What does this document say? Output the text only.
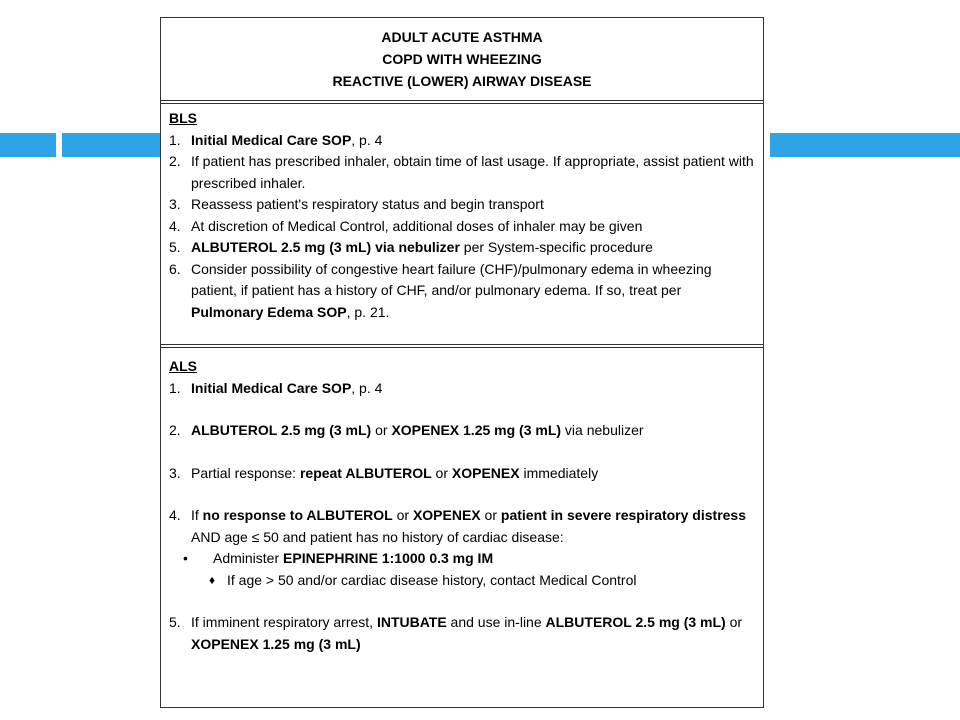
ADULT ACUTE ASTHMA
COPD WITH WHEEZING
REACTIVE (LOWER) AIRWAY DISEASE
BLS
1. Initial Medical Care SOP, p. 4
2. If patient has prescribed inhaler, obtain time of last usage. If appropriate, assist patient with prescribed inhaler.
3. Reassess patient's respiratory status and begin transport
4. At discretion of Medical Control, additional doses of inhaler may be given
5. ALBUTEROL 2.5 mg (3 mL) via nebulizer per System-specific procedure
6. Consider possibility of congestive heart failure (CHF)/pulmonary edema in wheezing patient, if patient has a history of CHF, and/or pulmonary edema. If so, treat per Pulmonary Edema SOP, p. 21.
ALS
1. Initial Medical Care SOP, p. 4
2. ALBUTEROL 2.5 mg (3 mL) or XOPENEX 1.25 mg (3 mL) via nebulizer
3. Partial response: repeat ALBUTEROL or XOPENEX immediately
4. If no response to ALBUTEROL or XOPENEX or patient in severe respiratory distress AND age ≤ 50 and patient has no history of cardiac disease:
•	Administer EPINEPHRINE 1:1000 0.3 mg IM
♦ If age > 50 and/or cardiac disease history, contact Medical Control
5. If imminent respiratory arrest, INTUBATE and use in-line ALBUTEROL 2.5 mg (3 mL) or XOPENEX 1.25 mg (3 mL)
